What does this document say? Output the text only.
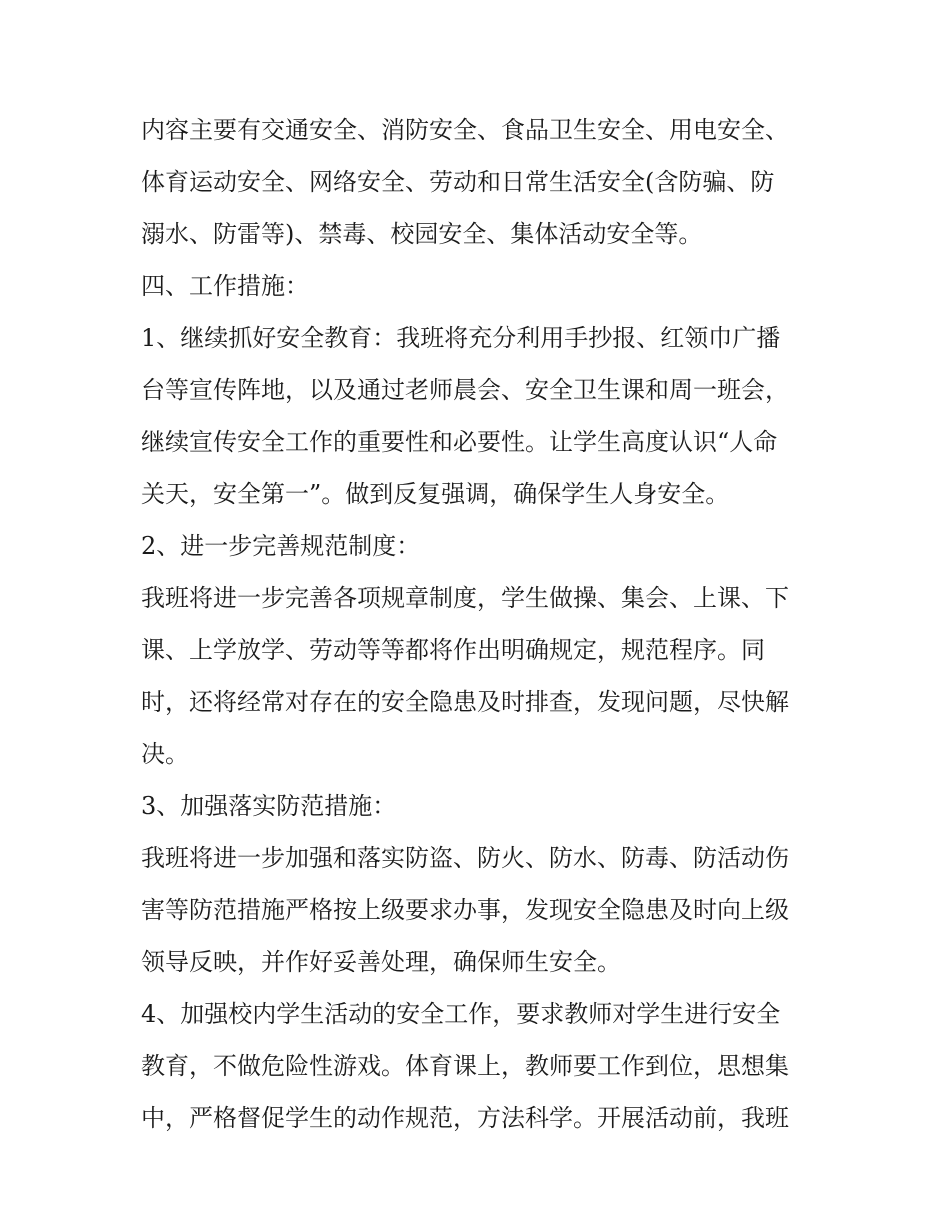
内容主要有交通安全、消防安全、食品卫生安全、用电安全、
体育运动安全、网络安全、劳动和日常生活安全(含防骗、防
溺水、防雷等)、禁毒、校园安全、集体活动安全等。
四、工作措施：
1、继续抓好安全教育：我班将充分利用手抄报、红领巾广播
台等宣传阵地，以及通过老师晨会、安全卫生课和周一班会，
继续宣传安全工作的重要性和必要性。让学生高度认识“人命
关天，安全第一”。做到反复强调，确保学生人身安全。
2、进一步完善规范制度：
我班将进一步完善各项规章制度，学生做操、集会、上课、下
课、上学放学、劳动等等都将作出明确规定，规范程序。同
时，还将经常对存在的安全隐患及时排查，发现问题，尽快解
决。
3、加强落实防范措施：
我班将进一步加强和落实防盗、防火、防水、防毒、防活动伤
害等防范措施严格按上级要求办事，发现安全隐患及时向上级
领导反映，并作好妥善处理，确保师生安全。
4、加强校内学生活动的安全工作，要求教师对学生进行安全
教育，不做危险性游戏。体育课上，教师要工作到位，思想集
中，严格督促学生的动作规范，方法科学。开展活动前，我班
